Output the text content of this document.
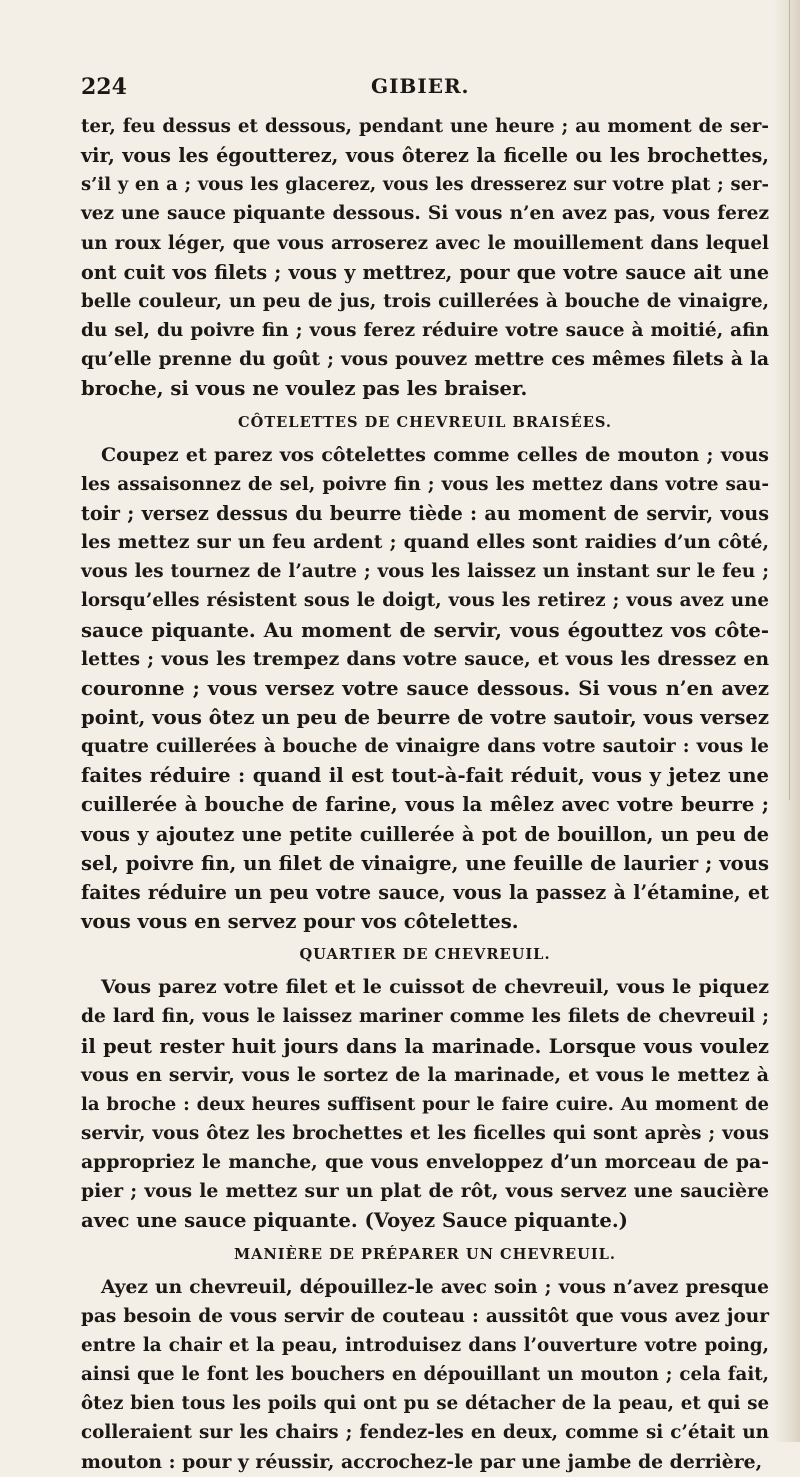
224	GIBIER.

ter, feu dessus et dessous, pendant une heure ; au moment de ser-
vir, vous les égoutterez, vous ôterez la ficelle ou les brochettes,
s’il y en a ; vous les glacerez, vous les dresserez sur votre plat ; ser-
vez une sauce piquante dessous. Si vous n’en avez pas, vous ferez
un roux léger, que vous arroserez avec le mouillement dans lequel
ont cuit vos filets ; vous y mettrez, pour que votre sauce ait une
belle couleur, un peu de jus, trois cuillerées à bouche de vinaigre,
du sel, du poivre fin ; vous ferez réduire votre sauce à moitié, afin
qu’elle prenne du goût ; vous pouvez mettre ces mêmes filets à la
broche, si vous ne voulez pas les braiser.

CÔTELETTES DE CHEVREUIL BRAISÉES.

Coupez et parez vos côtelettes comme celles de mouton ; vous
les assaisonnez de sel, poivre fin ; vous les mettez dans votre sau-
toir ; versez dessus du beurre tiède : au moment de servir, vous
les mettez sur un feu ardent ; quand elles sont raidies d’un côté,
vous les tournez de l’autre ; vous les laissez un instant sur le feu ;
lorsqu’elles résistent sous le doigt, vous les retirez ; vous avez une
sauce piquante. Au moment de servir, vous égouttez vos côte-
lettes ; vous les trempez dans votre sauce, et vous les dressez en
couronne ; vous versez votre sauce dessous. Si vous n’en avez
point, vous ôtez un peu de beurre de votre sautoir, vous versez
quatre cuillerées à bouche de vinaigre dans votre sautoir : vous le
faites réduire : quand il est tout-à-fait réduit, vous y jetez une
cuillerée à bouche de farine, vous la mêlez avec votre beurre ;
vous y ajoutez une petite cuillerée à pot de bouillon, un peu de
sel, poivre fin, un filet de vinaigre, une feuille de laurier ; vous
faites réduire un peu votre sauce, vous la passez à l’étamine, et
vous vous en servez pour vos côtelettes.

QUARTIER DE CHEVREUIL.

Vous parez votre filet et le cuissot de chevreuil, vous le piquez
de lard fin, vous le laissez mariner comme les filets de chevreuil ;
il peut rester huit jours dans la marinade. Lorsque vous voulez
vous en servir, vous le sortez de la marinade, et vous le mettez à
la broche : deux heures suffisent pour le faire cuire. Au moment de
servir, vous ôtez les brochettes et les ficelles qui sont après ; vous
appropriez le manche, que vous enveloppez d’un morceau de pa-
pier ; vous le mettez sur un plat de rôt, vous servez une saucière
avec une sauce piquante. (Voyez Sauce piquante.)

MANIÈRE DE PRÉPARER UN CHEVREUIL.

Ayez un chevreuil, dépouillez-le avec soin ; vous n’avez presque
pas besoin de vous servir de couteau : aussitôt que vous avez jour
entre la chair et la peau, introduisez dans l’ouverture votre poing,
ainsi que le font les bouchers en dépouillant un mouton ; cela fait,
ôtez bien tous les poils qui ont pu se détacher de la peau, et qui se
colleraient sur les chairs ; fendez-les en deux, comme si c’était un
mouton : pour y réussir, accrochez-le par une jambe de derrière,
